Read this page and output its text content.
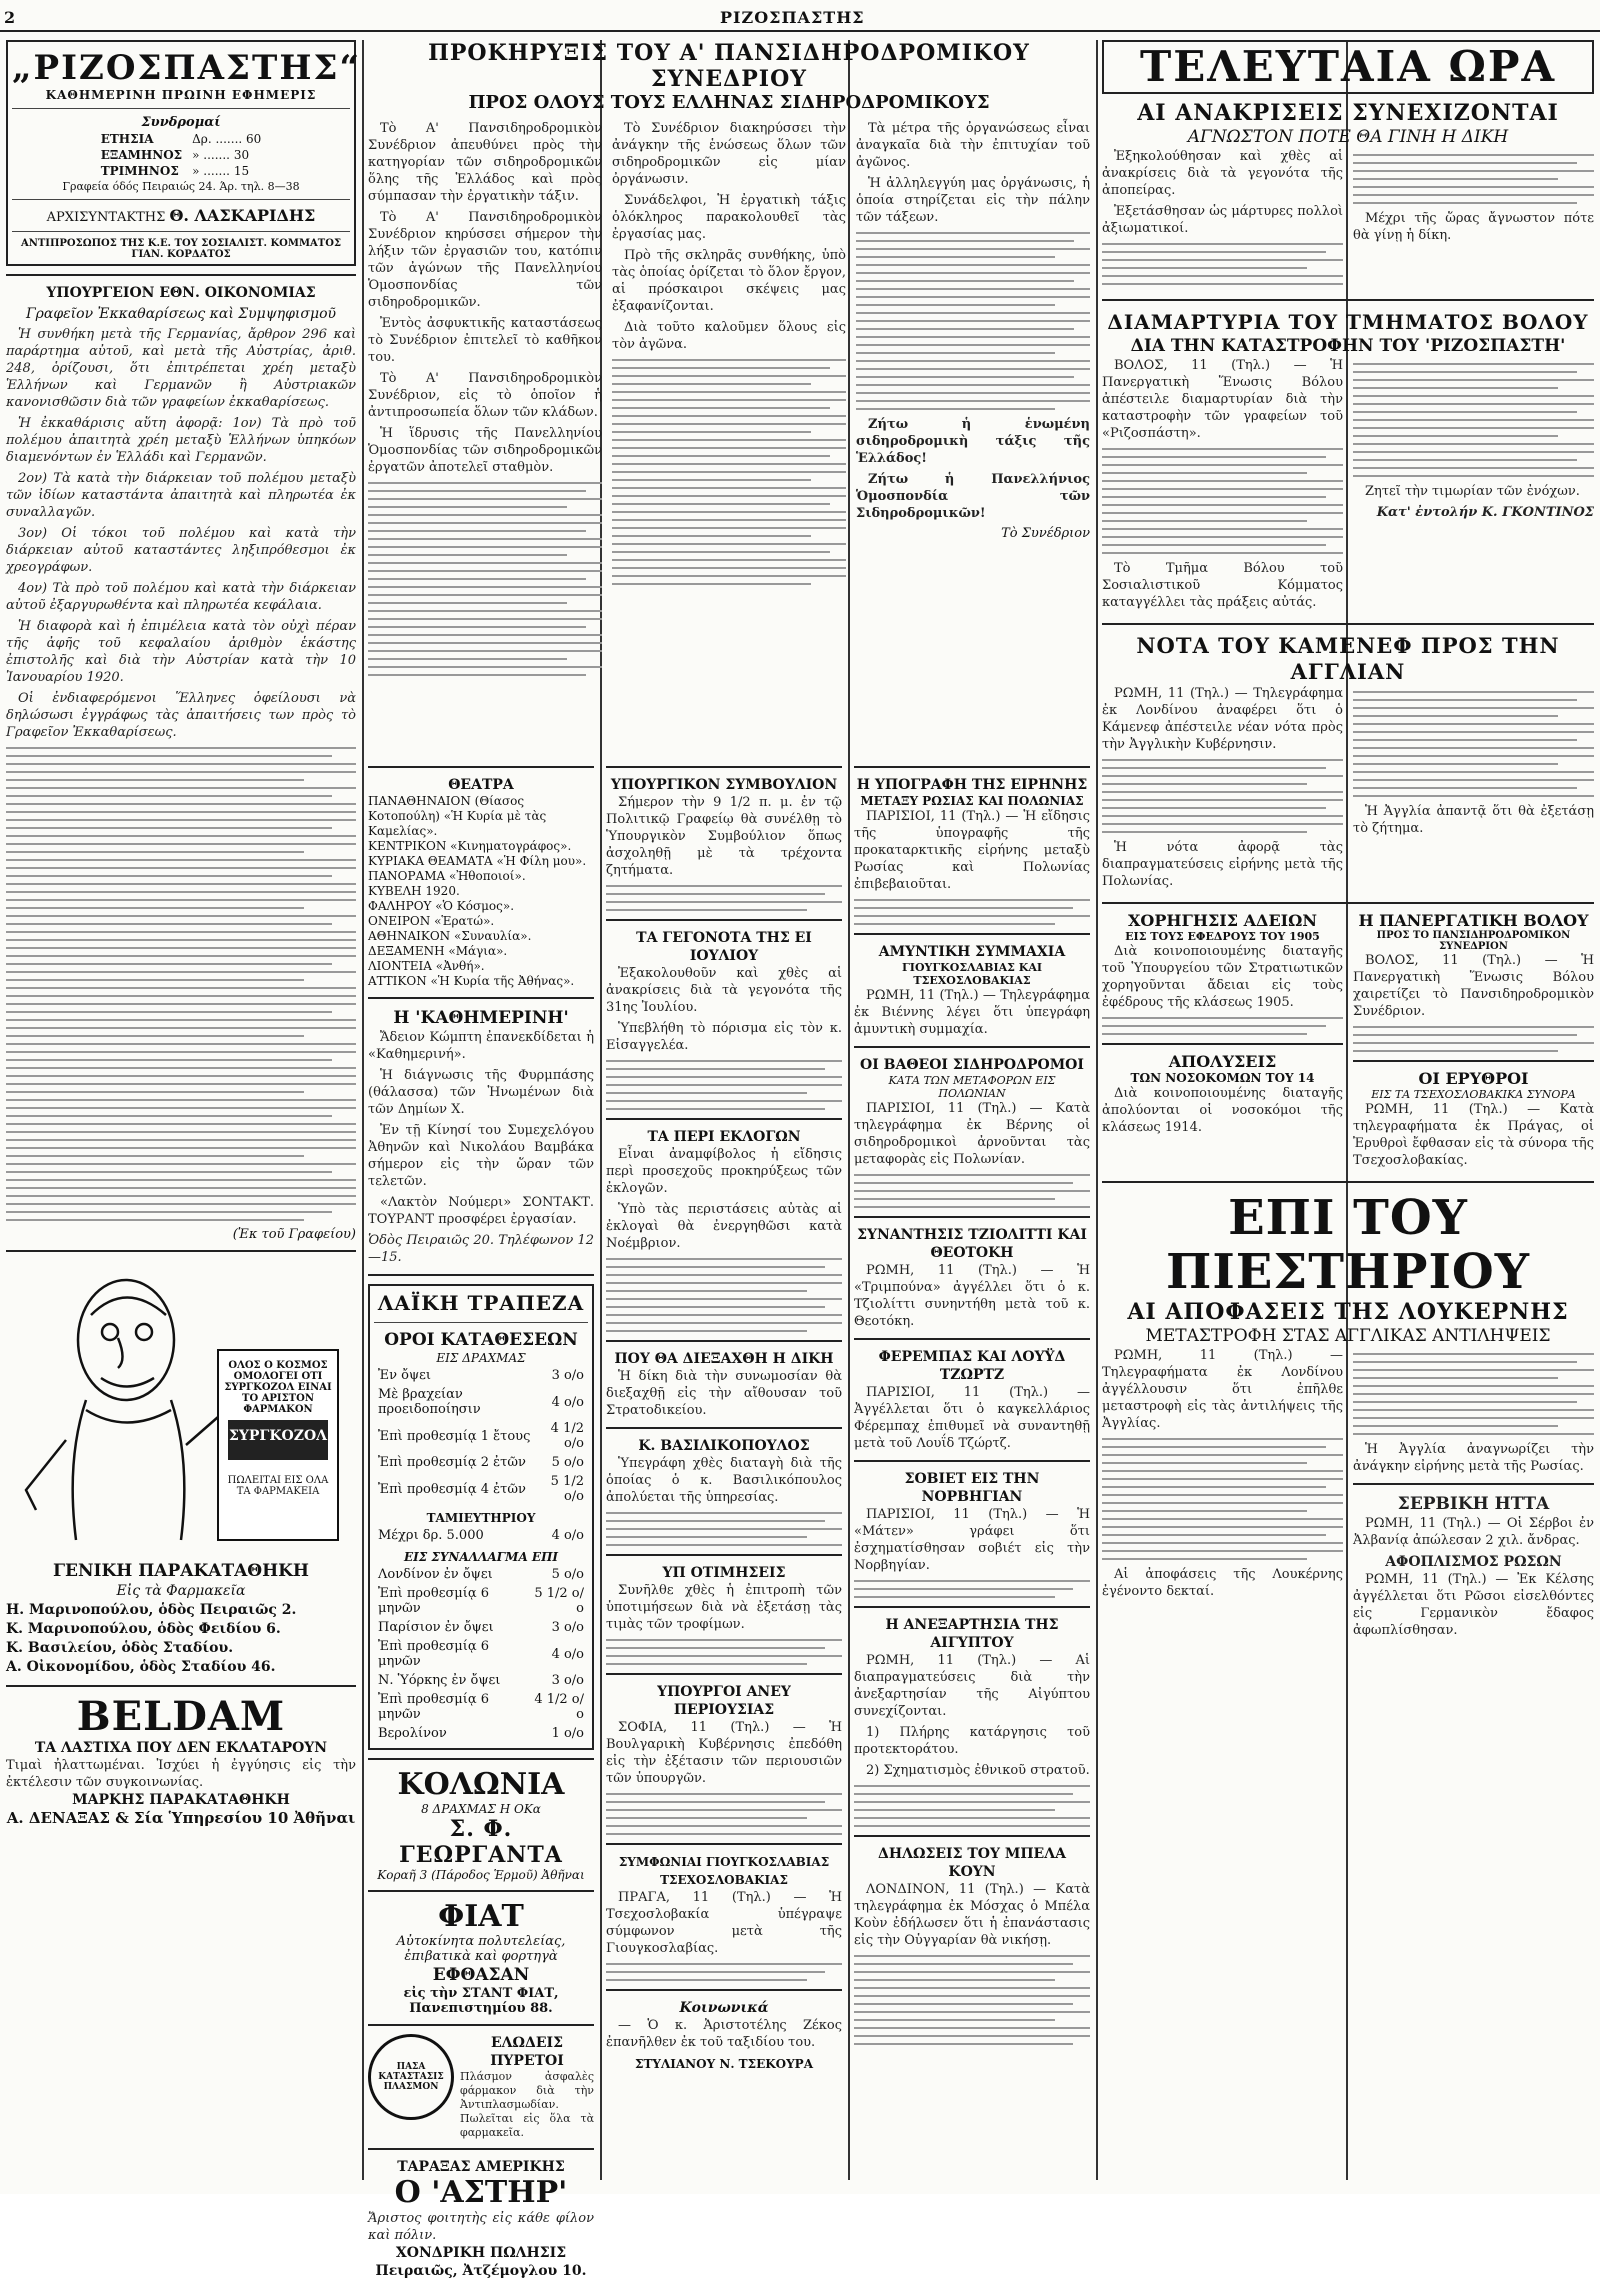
2	ΡΙΖΟΣΠΑΣΤΗΣ
„ΡΙΖΟΣΠΑΣΤΗΣ“
ΚΑΘΗΜΕΡΙΝΗ ΠΡΩΙΝΗ ΕΦΗΜΕΡΙΣ
Συνδρομαί
ΕΤΗΣΙΑ	Δρ. ....... 60
ΕΞΑΜΗΝΟΣ	» ....... 30
ΤΡΙΜΗΝΟΣ	» ....... 15
Γραφεία όδός Πειραιώς 24. Άρ. τηλ. 8—38
ΑΡΧΙΣΥΝΤΑΚΤΗΣ Θ. ΛΑΣΚΑΡΙΔΗΣ
ΑΝΤΙΠΡΟΣΩΠΟΣ ΤΗΣ Κ.Ε. ΤΟΥ ΣΟΣΙΑΛΙΣΤ. ΚΟΜΜΑΤΟΣ ΓΙΑΝ. ΚΟΡΔΑΤΟΣ
ΥΠΟΥΡΓΕΙΟΝ ΕΘΝ. ΟΙΚΟΝΟΜΙΑΣ
Γραφεῖον Ἐκκαθαρίσεως καὶ Συμψηφισμοῦ

Ἡ συνθήκη μετὰ τῆς Γερμανίας, ἄρθρον 296 καὶ παράρτημα αὐτοῦ, καὶ μετὰ τῆς Αὐστρίας, ἀριθ. 248, ὁρίζουσι, ὅτι ἐπιτρέπεται χρέη μεταξὺ Ἑλλήνων καὶ Γερμανῶν ἢ Αὐστριακῶν κανονισθῶσιν διὰ τῶν γραφείων ἐκκαθαρίσεως.

Ἡ ἐκκαθάρισις αὕτη ἀφορᾷ: 1ον) Τὰ πρὸ τοῦ πολέμου ἀπαιτητὰ χρέη μεταξὺ Ἑλλήνων ὑπηκόων διαμενόντων ἐν Ἑλλάδι καὶ Γερμανῶν.

2ον) Τὰ κατὰ τὴν διάρκειαν τοῦ πολέμου μεταξὺ τῶν ἰδίων καταστάντα ἀπαιτητὰ καὶ πληρωτέα ἐκ συναλλαγῶν.

3ον) Οἱ τόκοι τοῦ πολέμου καὶ κατὰ τὴν διάρκειαν αὐτοῦ καταστάντες ληξιπρόθεσμοι ἐκ χρεογράφων.

4ον) Τὰ πρὸ τοῦ πολέμου καὶ κατὰ τὴν διάρκειαν αὐτοῦ ἐξαργυρωθέντα καὶ πληρωτέα κεφάλαια.

Ἡ διαφορὰ καὶ ἡ ἐπιμέλεια κατὰ τὸν οὐχὶ πέραν τῆς ἀφῆς τοῦ κεφαλαίου ἀριθμὸν ἑκάστης ἐπιστολῆς καὶ διὰ τὴν Αὐστρίαν κατὰ τὴν 10 Ἰανουαρίου 1920.

Οἱ ἐνδιαφερόμενοι Ἕλληνες ὁφείλουσι νὰ δηλώσωσι ἐγγράφως τὰς ἀπαιτήσεις των πρὸς τὸ Γραφεῖον Ἐκκαθαρίσεως.

(Ἐκ τοῦ Γραφείου)
ΟΛΟΣ Ο ΚΟΣΜΟΣ ΟΜΟΛΟΓΕΙ ΟΤΙ ΣΥΡΓΚΟΖΟΛ ΕΙΝΑΙ ΤΟ ΑΡΙΣΤΟΝ ΦΑΡΜΑΚΟΝ
ΣΥΡΓΚΟΖΟΛ
ΠΩΛΕΙΤΑΙ ΕΙΣ ΟΛΑ ΤΑ ΦΑΡΜΑΚΕΙΑ
ΓΕΝΙΚΗ ΠΑΡΑΚΑΤΑΘΗΚΗ
Εἰς τὰ Φαρμακεῖα
Η. Μαρινοπούλου, ὁδὸς Πειραιῶς 2.
Κ. Μαρινοπούλου, ὁδὸς Φειδίου 6.
Κ. Βασιλείου, ὁδὸς Σταδίου.
Α. Οἰκονομίδου, ὁδὸς Σταδίου 46.
BELDAM
ΤΑ ΛΑΣΤΙΧΑ ΠΟΥ ΔΕΝ ΕΚΛΑΤΑΡΟΥΝ
Τιμαὶ ἠλαττωμέναι. Ἰσχύει ἡ ἐγγύησις εἰς τὴν ἐκτέλεσιν τῶν συγκοινωνίας.
ΜΑΡΚΗΣ ΠΑΡΑΚΑΤΑΘΗΚΗ
Α. ΔΕΝΑΞΑΣ & Σία Ὑπηρεσίου 10 Ἀθῆναι
ΠΡΟΚΗΡΥΞΙΣ ΤΟΥ Α' ΠΑΝΣΙΔΗΡΟΔΡΟΜΙΚΟΥ ΣΥΝΕΔΡΙΟΥ
ΠΡΟΣ ΟΛΟΥΣ ΤΟΥΣ ΕΛΛΗΝΑΣ ΣΙΔΗΡΟΔΡΟΜΙΚΟΥΣ

Τὸ Α' Πανσιδηροδρομικὸν Συνέδριον ἀπευθύνει πρὸς τὴν κατηγορίαν τῶν σιδηροδρομικῶν ὅλης τῆς Ἑλλάδος καὶ πρὸς σύμπασαν τὴν ἐργατικὴν τάξιν.

Τὸ Α' Πανσιδηροδρομικὸν Συνέδριον κηρύσσει σήμερον τὴν λήξιν τῶν ἐργασιῶν του, κατόπιν τῶν ἀγώνων τῆς Πανελληνίου Ὁμοσπονδίας τῶν σιδηροδρομικῶν.

Ἐντὸς ἀσφυκτικῆς καταστάσεως τὸ Συνέδριον ἐπιτελεῖ τὸ καθῆκον του.

Τὸ Α' Πανσιδηροδρομικὸν Συνέδριον, εἰς τὸ ὁποῖον ἡ ἀντιπροσωπεία ὅλων τῶν κλάδων.

Ἡ ἵδρυσις τῆς Πανελληνίου Ὁμοσπονδίας τῶν σιδηροδρομικῶν ἐργατῶν ἀποτελεῖ σταθμὸν.

Τὸ Συνέδριον διακηρύσσει τὴν ἀνάγκην τῆς ἑνώσεως ὅλων τῶν σιδηροδρομικῶν εἰς μίαν ὀργάνωσιν.

Συνάδελφοι, Ἡ ἐργατικὴ τάξις ὁλόκληρος παρακολουθεῖ τὰς ἐργασίας μας.

Πρὸ τῆς σκληρᾶς συνθήκης, ὑπὸ τὰς ὁποίας ὁρίζεται τὸ ὅλον ἔργον, αἱ πρόσκαιροι σκέψεις μας ἐξαφανίζονται.

Διὰ τοῦτο καλοῦμεν ὅλους εἰς τὸν ἀγῶνα.

Τὰ μέτρα τῆς ὀργανώσεως εἶναι ἀναγκαῖα διὰ τὴν ἐπιτυχίαν τοῦ ἀγῶνος.

Ἡ ἀλληλεγγύη μας ὀργάνωσις, ἡ ὁποία στηρίζεται εἰς τὴν πάλην τῶν τάξεων.

Ζήτω ἡ ἑνωμένη σιδηροδρομικὴ τάξις τῆς Ἑλλάδος!

Ζήτω ἡ Πανελλήνιος Ὁμοσπονδία τῶν Σιδηροδρομικῶν!

Τὸ Συνέδριον
ΘΕΑΤΡΑ
ΠΑΝΑΘΗΝΑΙΟΝ (Θίασος Κοτοπούλη) «Ἡ Κυρία μὲ τὰς Καμελίας».
ΚΕΝΤΡΙΚΟΝ «Κινηματογράφος».
ΚΥΡΙΑΚΑ ΘΕΑΜΑΤΑ «Ἡ Φίλη μου».
ΠΑΝΟΡΑΜΑ «Ἠθοποιοί».
ΚΥΒΕΛΗ 1920.
ΦΑΛΗΡΟΥ «Ὁ Κόσμος».
ΟΝΕΙΡΟΝ «Ἑρατώ».
ΑΘΗΝΑΙΚΟΝ «Συναυλία».
ΔΕΞΑΜΕΝΗ «Μάγια».
ΛΙΟΝΤΕΙΑ «Ἀνθή».
ΑΤΤΙΚΟΝ «Ἡ Κυρία τῆς Ἀθήνας».
Η 'ΚΑΘΗΜΕΡΙΝΗ'

Ἄδειον Κώμπτη ἐπανεκδίδεται ἡ «Καθημερινή».

Ἡ διάγνωσις τῆς Φυρμπάσης (θάλασσα) τῶν Ἡνωμένων διὰ τῶν Δημίων Χ.

Ἐν τῇ Κίνησί του Συμεχελόγου Ἀθηνῶν καὶ Νικολάου Βαμβάκα σήμερον εἰς τὴν ὥραν τῶν τελετῶν.

«Λακτὸν Νούμερι» ΣΟΝΤΑΚΤ. ΤΟΥΡΑΝΤ προσφέρει ἐργασίαν.

Ὁδὸς Πειραιῶς 20. Τηλέφωνον 12—15.
ΛΑΪΚΗ ΤΡΑΠΕΖΑ
ΟΡΟΙ ΚΑΤΑΘΕΣΕΩΝ
ΕΙΣ ΔΡΑΧΜΑΣ
Ἐν ὄψει	3 ο/ο
Μὲ βραχείαν προειδοποίησιν	4 ο/ο
Ἐπὶ προθεσμίᾳ 1 ἔτους	4 1/2 ο/ο
Ἐπὶ προθεσμίᾳ 2 ἐτῶν	5 ο/ο
Ἐπὶ προθεσμίᾳ 4 ἐτῶν	5 1/2 ο/ο
ΤΑΜΙΕΥΤΗΡΙΟΥ
Μέχρι δρ. 5.000	4 ο/ο
ΕΙΣ ΣΥΝΑΛΛΑΓΜΑ ΕΠΙ
Λονδίνον ἐν ὄψει	5 ο/ο
Ἐπὶ προθεσμίᾳ 6 μηνῶν	5 1/2 ο/ο
Παρίσιον ἐν ὄψει	3 ο/ο
Ἐπὶ προθεσμίᾳ 6 μηνῶν	4 ο/ο
Ν. Ὑόρκης ἐν ὄψει	3 ο/ο
Ἐπὶ προθεσμίᾳ 6 μηνῶν	4 1/2 ο/ο
Βερολίνον	1 ο/ο
ΚΟΛΩΝΙΑ
8 ΔΡΑΧΜΑΣ Η ΟΚα
Σ. Φ. ΓΕΩΡΓΑΝΤΑ
Κοραῆ 3 (Πάροδος Ἑρμοῦ) Ἀθῆναι
ΦΙΑΤ
Αὐτοκίνητα πολυτελείας, ἐπιβατικὰ καὶ φορτηγὰ
ΕΦΘΑΣΑΝ
εἰς τὴν ΣΤΑΝΤ ΦΙΑΤ, Πανεπιστημίου 88.
ΠΑΣΑ ΚΑΤΑΣΤΑΣΙΣ ΠΛΑΣΜΟΝ
ΕΛΩΔΕΙΣ ΠΥΡΕΤΟΙ
Πλάσμον ἀσφαλὲς φάρμακον διὰ τὴν Ἀντιπλασμωδίαν. Πωλεῖται εἰς ὅλα τὰ φαρμακεῖα.
ΤΑΡΑΞΑΣ ΑΜΕΡΙΚΗΣ
Ο 'ΑΣΤΗΡ'
Ἄριστος φοιτητὴς εἰς κάθε φίλον καὶ πόλιν.
ΧΟΝΔΡΙΚΗ ΠΩΛΗΣΙΣ Πειραιῶς, Ἀτζέμογλου 10.
ΥΠΟΥΡΓΙΚΟΝ ΣΥΜΒΟΥΛΙΟΝ

Σήμερον τὴν 9 1/2 π. μ. ἐν τῷ Πολιτικῷ Γραφείῳ θὰ συνέλθῃ τὸ Ὑπουργικὸν Συμβούλιον ὅπως ἀσχοληθῇ μὲ τὰ τρέχοντα ζητήματα.

ΤΑ ΓΕΓΟΝΟΤΑ ΤΗΣ ΕΙ ΙΟΥΛΙΟΥ

Ἐξακολουθοῦν καὶ χθὲς αἱ ἀνακρίσεις διὰ τὰ γεγονότα τῆς 31ης Ἰουλίου.

Ὑπεβλήθη τὸ πόρισμα εἰς τὸν κ. Εἰσαγγελέα.

ΤΑ ΠΕΡΙ ΕΚΛΟΓΩΝ

Εἶναι ἀναμφίβολος ἡ εἴδησις περὶ προσεχοῦς προκηρύξεως τῶν ἐκλογῶν.

Ὑπὸ τὰς περιστάσεις αὐτὰς αἱ ἐκλογαὶ θὰ ἐνεργηθῶσι κατὰ Νοέμβριον.

ΠΟΥ ΘΑ ΔΙΕΞΑΧΘΗ Η ΔΙΚΗ

Ἡ δίκη διὰ τὴν συνωμοσίαν θὰ διεξαχθῇ εἰς τὴν αἴθουσαν τοῦ Στρατοδικείου.

Κ. ΒΑΣΙΛΙΚΟΠΟΥΛΟΣ

Ὑπεγράφη χθὲς διαταγὴ διὰ τῆς ὁποίας ὁ κ. Βασιλικόπουλος ἀπολύεται τῆς ὑπηρεσίας.

ΥΠ ΟΤΙΜΗΣΕΙΣ

Συνῆλθε χθὲς ἡ ἐπιτροπὴ τῶν ὑποτιμήσεων διὰ νὰ ἐξετάσῃ τὰς τιμὰς τῶν τροφίμων.

ΥΠΟΥΡΓΟΙ ΑΝΕΥ ΠΕΡΙΟΥΣΙΑΣ

ΣΟΦΙΑ, 11 (Τηλ.) — Ἡ Βουλγαρικὴ Κυβέρνησις ἐπεδόθη εἰς τὴν ἐξέτασιν τῶν περιουσιῶν τῶν ὑπουργῶν.

ΣΥΜΦΩΝΙΑΙ ΓΙΟΥΓΚΟΣΛΑΒΙΑΣ ΤΣΕΧΟΣΛΟΒΑΚΙΑΣ

ΠΡΑΓΑ, 11 (Τηλ.) — Ἡ Τσεχοσλοβακία ὑπέγραψε σύμφωνον μετὰ τῆς Γιουγκοσλαβίας.

Κοινωνικά

— Ὁ κ. Ἀριστοτέλης Ζέκος ἐπανῆλθεν ἐκ τοῦ ταξιδίου του.

ΣΤΥΛΙΑΝΟΥ Ν. ΤΣΕΚΟΥΡΑ
Η ΥΠΟΓΡΑΦΗ ΤΗΣ ΕΙΡΗΝΗΣ
ΜΕΤΑΞΥ ΡΩΣΙΑΣ ΚΑΙ ΠΟΛΩΝΙΑΣ

ΠΑΡΙΣΙΟΙ, 11 (Τηλ.) — Ἡ εἴδησις τῆς ὑπογραφῆς τῆς προκαταρκτικῆς εἰρήνης μεταξὺ Ρωσίας καὶ Πολωνίας ἐπιβεβαιοῦται.

ΑΜΥΝΤΙΚΗ ΣΥΜΜΑΧΙΑ
ΓΙΟΥΓΚΟΣΛΑΒΙΑΣ ΚΑΙ ΤΣΕΧΟΣΛΟΒΑΚΙΑΣ

ΡΩΜΗ, 11 (Τηλ.) — Τηλεγράφημα ἐκ Βιέννης λέγει ὅτι ὑπεγράφη ἀμυντικὴ συμμαχία.

ΟΙ ΒΑΘΕΟΙ ΣΙΔΗΡΟΔΡΟΜΟΙ
ΚΑΤΑ ΤΩΝ ΜΕΤΑΦΟΡΩΝ ΕΙΣ ΠΟΛΩΝΙΑΝ

ΠΑΡΙΣΙΟΙ, 11 (Τηλ.) — Κατὰ τηλεγράφημα ἐκ Βέρνης οἱ σιδηροδρομικοὶ ἀρνοῦνται τὰς μεταφορὰς εἰς Πολωνίαν.

ΣΥΝΑΝΤΗΣΙΣ ΤΖΙΟΛΙΤΤΙ ΚΑΙ ΘΕΟΤΟΚΗ

ΡΩΜΗ, 11 (Τηλ.) — Ἡ «Τριμπούνα» ἀγγέλλει ὅτι ὁ κ. Τζιολίττι συνηντήθη μετὰ τοῦ κ. Θεοτόκη.

ΦΕΡΕΜΠΑΣ ΚΑΙ ΛΟΥΫΔ ΤΖΩΡΤΖ

ΠΑΡΙΣΙΟΙ, 11 (Τηλ.) — Ἀγγέλλεται ὅτι ὁ καγκελλάριος Φέρεμπαχ ἐπιθυμεῖ νὰ συναντηθῇ μετὰ τοῦ Λουΐδ Τζώρτζ.

ΣΟΒΙΕΤ ΕΙΣ ΤΗΝ ΝΟΡΒΗΓΙΑΝ

ΠΑΡΙΣΙΟΙ, 11 (Τηλ.) — Ἡ «Μάτεν» γράφει ὅτι ἐσχηματίσθησαν σοβιέτ εἰς τὴν Νορβηγίαν.

Η ΑΝΕΞΑΡΤΗΣΙΑ ΤΗΣ ΑΙΓΥΠΤΟΥ

ΡΩΜΗ, 11 (Τηλ.) — Αἱ διαπραγματεύσεις διὰ τὴν ἀνεξαρτησίαν τῆς Αἰγύπτου συνεχίζονται.

1) Πλήρης κατάργησις τοῦ προτεκτοράτου.

2) Σχηματισμὸς ἐθνικοῦ στρατοῦ.

ΔΗΛΩΣΕΙΣ ΤΟΥ ΜΠΕΛΑ ΚΟΥΝ

ΛΟΝΔΙΝΟΝ, 11 (Τηλ.) — Κατὰ τηλεγράφημα ἐκ Μόσχας ὁ Μπέλα Κοὺν ἐδήλωσεν ὅτι ἡ ἐπανάστασις εἰς τὴν Οὑγγαρίαν θὰ νικήσῃ.

ΤΕΛΕΥΤΑΙΑ ΩΡΑ
ΑΙ ΑΝΑΚΡΙΣΕΙΣ ΣΥΝΕΧΙΖΟΝΤΑΙ
ΑΓΝΩΣΤΟΝ ΠΟΤΕ ΘΑ ΓΙΝΗ Η ΔΙΚΗ

Ἐξηκολούθησαν καὶ χθὲς αἱ ἀνακρίσεις διὰ τὰ γεγονότα τῆς ἀποπείρας.

Ἐξετάσθησαν ὡς μάρτυρες πολλοὶ ἀξιωματικοί.

Μέχρι τῆς ὥρας ἄγνωστον πότε θὰ γίνῃ ἡ δίκη.

ΔΙΑΜΑΡΤΥΡΙΑ ΤΟΥ ΤΜΗΜΑΤΟΣ ΒΟΛΟΥ
ΔΙΑ ΤΗΝ ΚΑΤΑΣΤΡΟΦΗΝ ΤΟΥ 'ΡΙΖΟΣΠΑΣΤΗ'

ΒΟΛΟΣ, 11 (Τηλ.) — Ἡ Πανεργατικὴ Ἕνωσις Βόλου ἀπέστειλε διαμαρτυρίαν διὰ τὴν καταστροφὴν τῶν γραφείων τοῦ «Ριζοσπάστη».

Τὸ Τμῆμα Βόλου τοῦ Σοσιαλιστικοῦ Κόμματος καταγγέλλει τὰς πράξεις αὐτάς.

Ζητεῖ τὴν τιμωρίαν τῶν ἐνόχων.

Κατ' ἐντολήν Κ. ΓΚΟΝΤΙΝΟΣ
ΝΟΤΑ ΤΟΥ ΚΑΜΕΝΕΦ ΠΡΟΣ ΤΗΝ ΑΓΓΛΙΑΝ

ΡΩΜΗ, 11 (Τηλ.) — Τηλεγράφημα ἐκ Λονδίνου ἀναφέρει ὅτι ὁ Κάμενεφ ἀπέστειλε νέαν νότα πρὸς τὴν Ἀγγλικὴν Κυβέρνησιν.

Ἡ νότα ἀφορᾷ τὰς διαπραγματεύσεις εἰρήνης μετὰ τῆς Πολωνίας.

Ἡ Ἀγγλία ἀπαντᾷ ὅτι θὰ ἐξετάσῃ τὸ ζήτημα.

ΧΟΡΗΓΗΣΙΣ ΑΔΕΙΩΝ
ΕΙΣ ΤΟΥΣ ΕΦΕΔΡΟΥΣ ΤΟΥ 1905

Διὰ κοινοποιουμένης διαταγῆς τοῦ Ὑπουργείου τῶν Στρατιωτικῶν χορηγοῦνται ἄδειαι εἰς τοὺς ἐφέδρους τῆς κλάσεως 1905.

ΑΠΟΛΥΣΕΙΣ
ΤΩΝ ΝΟΣΟΚΟΜΩΝ ΤΟΥ 14

Διὰ κοινοποιουμένης διαταγῆς ἀπολύονται οἱ νοσοκόμοι τῆς κλάσεως 1914.

Η ΠΑΝΕΡΓΑΤΙΚΗ ΒΟΛΟΥ
ΠΡΟΣ ΤΟ ΠΑΝΣΙΔΗΡΟΔΡΟΜΙΚΟΝ ΣΥΝΕΔΡΙΟΝ

ΒΟΛΟΣ, 11 (Τηλ.) — Ἡ Πανεργατικὴ Ἕνωσις Βόλου χαιρετίζει τὸ Πανσιδηροδρομικὸν Συνέδριον.

ΟΙ ΕΡΥΘΡΟΙ
ΕΙΣ ΤΑ ΤΣΕΧΟΣΛΟΒΑΚΙΚΑ ΣΥΝΟΡΑ

ΡΩΜΗ, 11 (Τηλ.) — Κατὰ τηλεγραφήματα ἐκ Πράγας, οἱ Ἐρυθροὶ ἔφθασαν εἰς τὰ σύνορα τῆς Τσεχοσλοβακίας.

ΕΠΙ ΤΟΥ ΠΙΕΣΤΗΡΙΟΥ
ΑΙ ΑΠΟΦΑΣΕΙΣ ΤΗΣ ΛΟΥΚΕΡΝΗΣ
ΜΕΤΑΣΤΡΟΦΗ ΣΤΑΣ ΑΓΓΛΙΚΑΣ ΑΝΤΙΛΗΨΕΙΣ

ΡΩΜΗ, 11 (Τηλ.) — Τηλεγραφήματα ἐκ Λονδίνου ἀγγέλλουσιν ὅτι ἐπῆλθε μεταστροφὴ εἰς τὰς ἀντιλήψεις τῆς Ἀγγλίας.

Αἱ ἀποφάσεις τῆς Λουκέρνης ἐγένοντο δεκταί.

Ἡ Ἀγγλία ἀναγνωρίζει τὴν ἀνάγκην εἰρήνης μετὰ τῆς Ρωσίας.

ΣΕΡΒΙΚΗ ΗΤΤΑ

ΡΩΜΗ, 11 (Τηλ.) — Οἱ Σέρβοι ἐν Ἀλβανίᾳ ἀπώλεσαν 2 χιλ. ἄνδρας.

ΑΦΟΠΛΙΣΜΟΣ ΡΩΣΩΝ

ΡΩΜΗ, 11 (Τηλ.) — Ἐκ Κέλσης ἀγγέλλεται ὅτι Ρῶσοι εἰσελθόντες εἰς Γερμανικὸν ἔδαφος ἀφωπλίσθησαν.
